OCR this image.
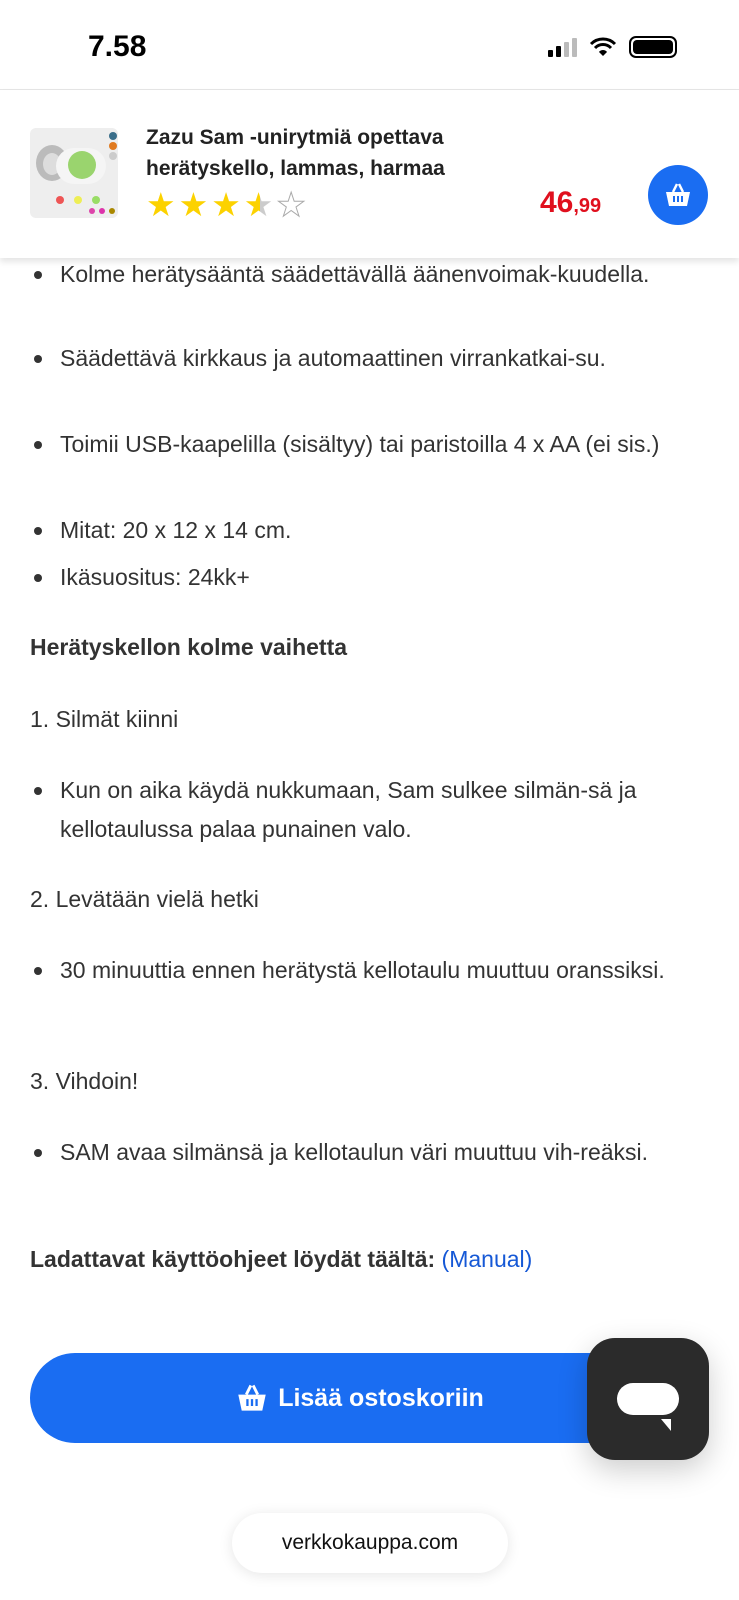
Kolme herätysääntä säädettävällä äänenvoimak-kuudella.
Säädettävä kirkkaus ja automaattinen virrankatkai-su.
Toimii USB-kaapelilla (sisältyy) tai paristoilla 4 x AA (ei sis.)
Mitat: 20 x 12 x 14 cm.
Ikäsuositus: 24kk+
Herätyskellon kolme vaihetta
1. Silmät kiinni
Kun on aika käydä nukkumaan, Sam sulkee silmän-sä ja kellotaulussa palaa punainen valo.
2. Levätään vielä hetki
30 minuuttia ennen herätystä kellotaulu muuttuu oranssiksi.
3. Vihdoin!
SAM avaa silmänsä ja kellotaulun väri muuttuu vih-reäksi.
Ladattavat käyttöohjeet löydät täältä: (Manual)
7.58
Zazu Sam -unirytmiä opettava herätyskello, lammas, harmaa
★ ★ ★ ★ ★	46,99
Lisää ostoskoriin
verkkokauppa.com
